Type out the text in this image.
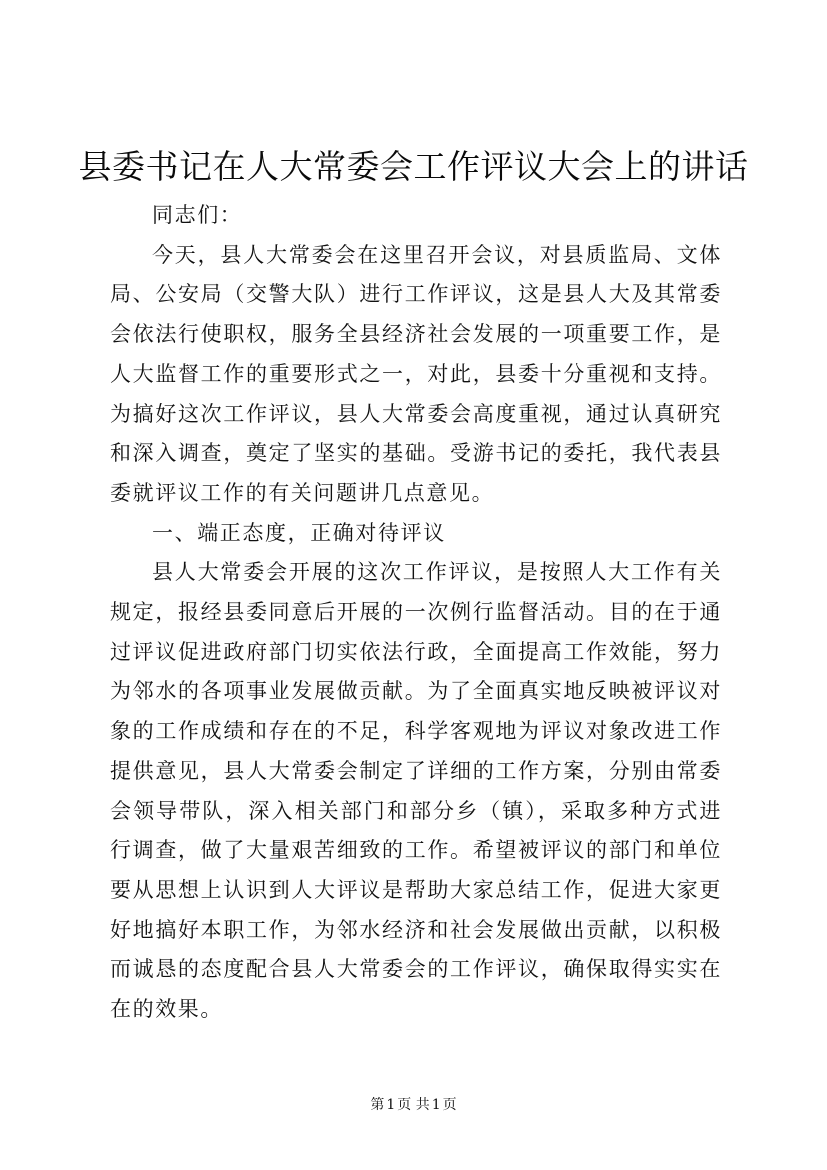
县委书记在人大常委会工作评议大会上的讲话

同志们：

今天，县人大常委会在这里召开会议，对县质监局、文体局、公安局（交警大队）进行工作评议，这是县人大及其常委会依法行使职权，服务全县经济社会发展的一项重要工作，是人大监督工作的重要形式之一，对此，县委十分重视和支持。为搞好这次工作评议，县人大常委会高度重视，通过认真研究和深入调查，奠定了坚实的基础。受游书记的委托，我代表县委就评议工作的有关问题讲几点意见。

一、端正态度，正确对待评议

县人大常委会开展的这次工作评议，是按照人大工作有关规定，报经县委同意后开展的一次例行监督活动。目的在于通过评议促进政府部门切实依法行政，全面提高工作效能，努力为邻水的各项事业发展做贡献。为了全面真实地反映被评议对象的工作成绩和存在的不足，科学客观地为评议对象改进工作提供意见，县人大常委会制定了详细的工作方案，分别由常委会领导带队，深入相关部门和部分乡（镇），采取多种方式进行调查，做了大量艰苦细致的工作。希望被评议的部门和单位要从思想上认识到人大评议是帮助大家总结工作，促进大家更好地搞好本职工作，为邻水经济和社会发展做出贡献，以积极而诚恳的态度配合县人大常委会的工作评议，确保取得实实在在的效果。

第 1 页 共 1 页
